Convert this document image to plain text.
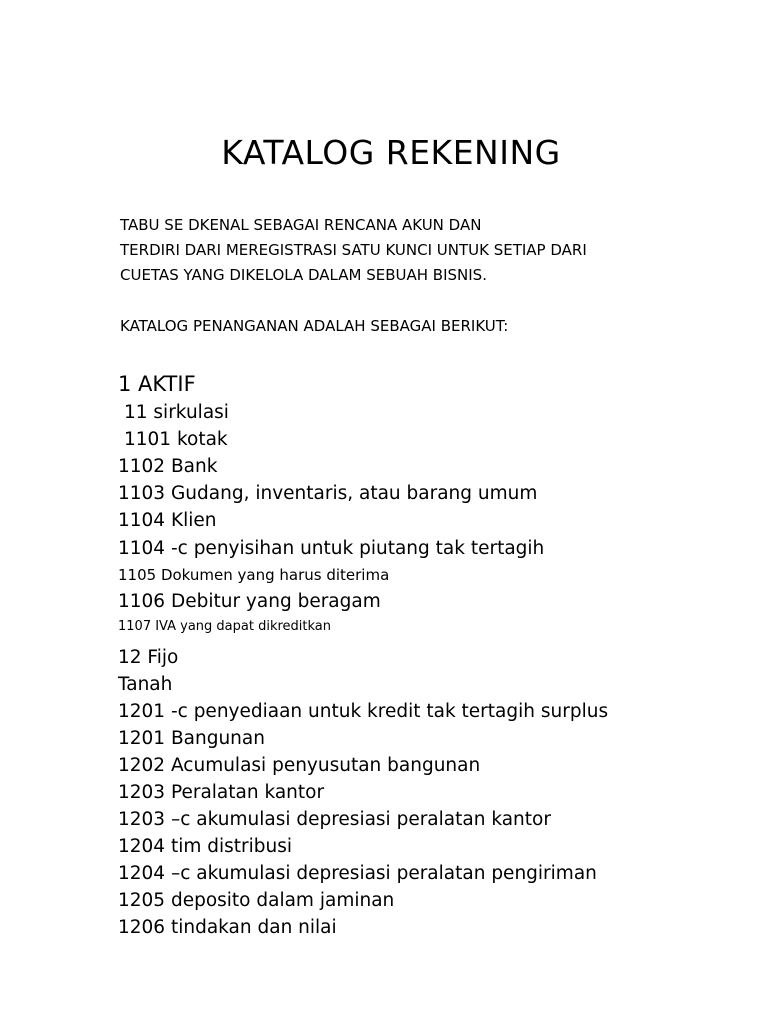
KATALOG REKENING

TABU SE DKENAL SEBAGAI RENCANA AKUN DAN
TERDIRI DARI MEREGISTRASI SATU KUNCI UNTUK SETIAP DARI
CUETAS YANG DIKELOLA DALAM SEBUAH BISNIS.

KATALOG PENANGANAN ADALAH SEBAGAI BERIKUT:

1 AKTIF

11 sirkulasi

1101 kotak

1102 Bank

1103 Gudang, inventaris, atau barang umum

1104 Klien

1104 -c penyisihan untuk piutang tak tertagih

1105 Dokumen yang harus diterima

1106 Debitur yang beragam

1107 IVA yang dapat dikreditkan

12 Fijo

Tanah

1201 -c penyediaan untuk kredit tak tertagih surplus

1201 Bangunan

1202 Acumulasi penyusutan bangunan

1203 Peralatan kantor

1203 –c akumulasi depresiasi peralatan kantor

1204 tim distribusi

1204 –c akumulasi depresiasi peralatan pengiriman

1205 deposito dalam jaminan

1206 tindakan dan nilai
